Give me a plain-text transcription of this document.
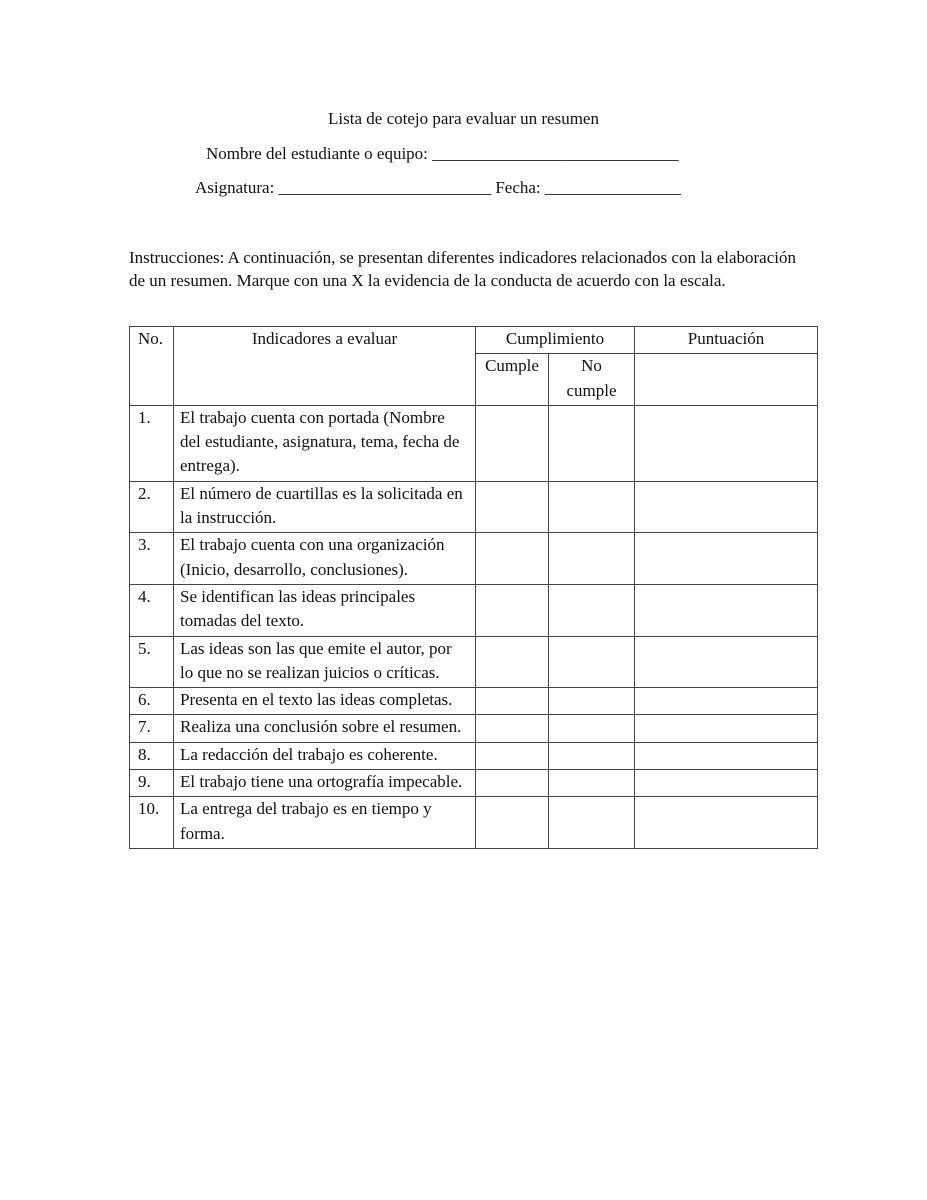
Lista de cotejo para evaluar un resumen
Nombre del estudiante o equipo: _____________________________
Asignatura: _________________________ Fecha: ________________
Instrucciones: A continuación, se presentan diferentes indicadores relacionados con la elaboración de un resumen. Marque con una X la evidencia de la conducta de acuerdo con la escala.
No.	Indicadores a evaluar	Cumplimiento		Puntuación
		Cumple	No cumple	
1.	El trabajo cuenta con portada (Nombre del estudiante, asignatura, tema, fecha de entrega).			
2.	El número de cuartillas es la solicitada en la instrucción.			
3.	El trabajo cuenta con una organización (Inicio, desarrollo, conclusiones).			
4.	Se identifican las ideas principales tomadas del texto.			
5.	Las ideas son las que emite el autor, por lo que no se realizan juicios o críticas.			
6.	Presenta en el texto las ideas completas.			
7.	Realiza una conclusión sobre el resumen.			
8.	La redacción del trabajo es coherente.			
9.	El trabajo tiene una ortografía impecable.			
10.	La entrega del trabajo es en tiempo y forma.			
